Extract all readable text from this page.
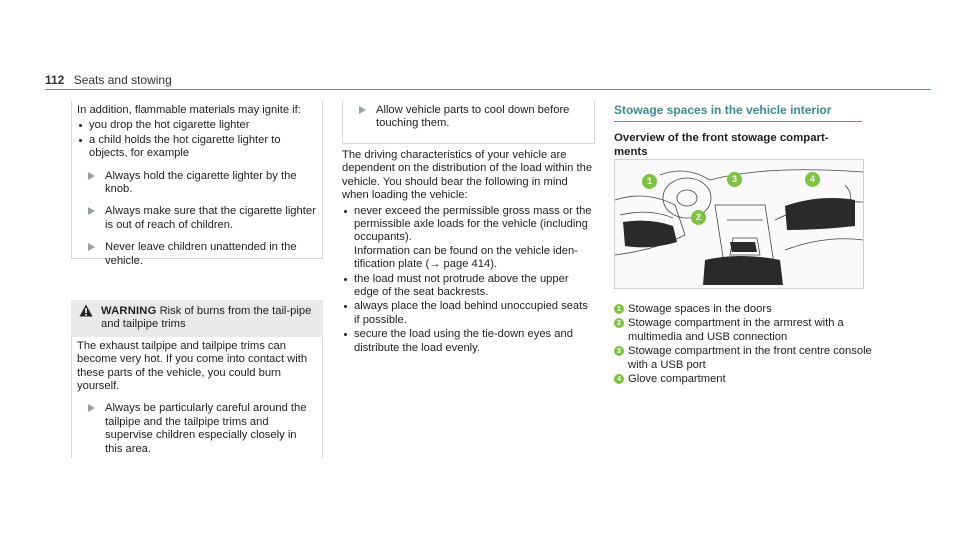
112 Seats and stowing

In addition, flammable materials may ignite if:

you drop the hot cigarette lighter
a child holds the hot cigarette lighter to objects, for example
Always hold the cigarette lighter by the knob.
Always make sure that the cigarette lighter is out of reach of children.
Never leave children unattended in the vehicle.
WARNING Risk of burns from the tail-pipe and tailpipe trims

The exhaust tailpipe and tailpipe trims can become very hot. If you come into contact with these parts of the vehicle, you could burn yourself.

Always be particularly careful around the tailpipe and the tailpipe trims and supervise children especially closely in this area.
Allow vehicle parts to cool down before touching them.

The driving characteristics of your vehicle are dependent on the distribution of the load within the vehicle. You should bear the following in mind when loading the vehicle:

never exceed the permissible gross mass or the permissible axle loads for the vehicle (including occupants).
Information can be found on the vehicle iden-tification plate (→ page 414).
the load must not protrude above the upper edge of the seat backrests.
always place the load behind unoccupied seats if possible.
secure the load using the tie-down eyes and distribute the load evenly.
Stowage spaces in the vehicle interior
Overview of the front stowage compart-ments
1
2
3	4
1 Stowage spaces in the doors
2 Stowage compartment in the armrest with a multimedia and USB connection
3 Stowage compartment in the front centre console with a USB port
4 Glove compartment
